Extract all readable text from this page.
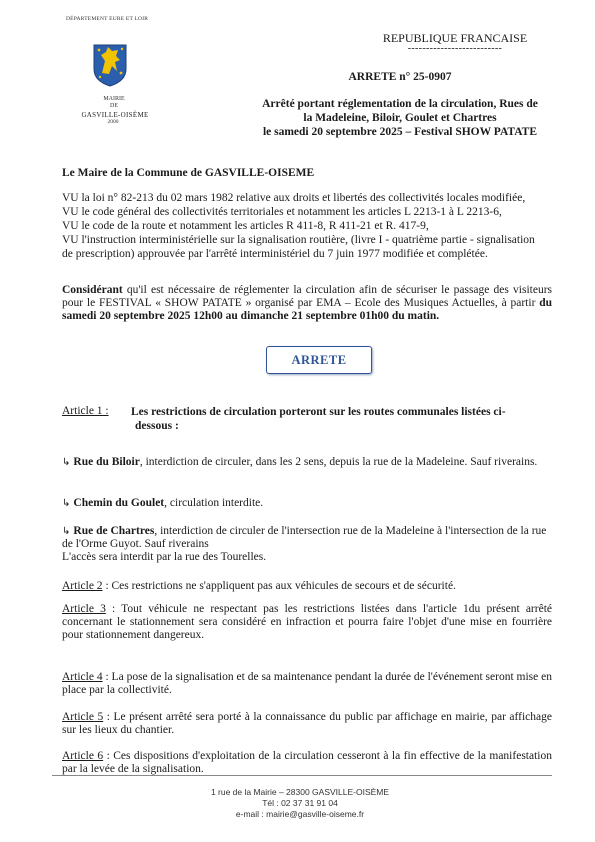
DÉPARTEMENT EURE ET LOIR
MAIRIE
DE
GASVILLE-OISÈME
2000
REPUBLIQUE FRANCAISE
--------------------------
ARRETE n° 25-0907
Arrêté portant réglementation de la circulation, Rues de
la Madeleine, Biloir, Goulet et Chartres
le samedi 20 septembre 2025 – Festival SHOW PATATE
Le Maire de la Commune de GASVILLE-OISEME
VU la loi n° 82-213 du 02 mars 1982 relative aux droits et libertés des collectivités locales modifiée,
VU le code général des collectivités territoriales et notamment les articles L 2213-1 à L 2213-6,
VU le code de la route et notamment les articles R 411-8, R 411-21 et R. 417-9,
VU l'instruction interministérielle sur la signalisation routière, (livre I - quatrième partie - signalisation
de prescription) approuvée par l'arrêté interministériel du 7 juin 1977 modifiée et complétée.
Considérant qu'il est nécessaire de réglementer la circulation afin de sécuriser le passage des visiteurs pour le FESTIVAL « SHOW PATATE » organisé par EMA – Ecole des Musiques Actuelles, à partir du samedi 20 septembre 2025 12h00 au dimanche 21 septembre 01h00 du matin.
ARRETE
Article 1 : Les restrictions de circulation porteront sur les routes communales listées ci-
dessous :
↳ Rue du Biloir, interdiction de circuler, dans les 2 sens, depuis la rue de la Madeleine. Sauf riverains.
↳ Chemin du Goulet, circulation interdite.
↳ Rue de Chartres, interdiction de circuler de l'intersection rue de la Madeleine à l'intersection de la rue de l'Orme Guyot. Sauf riverains
L'accès sera interdit par la rue des Tourelles.
Article 2 : Ces restrictions ne s'appliquent pas aux véhicules de secours et de sécurité.
Article 3 : Tout véhicule ne respectant pas les restrictions listées dans l'article 1du présent arrêté concernant le stationnement sera considéré en infraction et pourra faire l'objet d'une mise en fourrière pour stationnement dangereux.
Article 4 : La pose de la signalisation et de sa maintenance pendant la durée de l'événement seront mise en place par la collectivité.
Article 5 : Le présent arrêté sera porté à la connaissance du public par affichage en mairie, par affichage sur les lieux du chantier.
Article 6 : Ces dispositions d'exploitation de la circulation cesseront à la fin effective de la manifestation par la levée de la signalisation.
1 rue de la Mairie – 28300 GASVILLE-OISÈME
Tél : 02 37 31 91 04
e-mail : mairie@gasville-oiseme.fr
